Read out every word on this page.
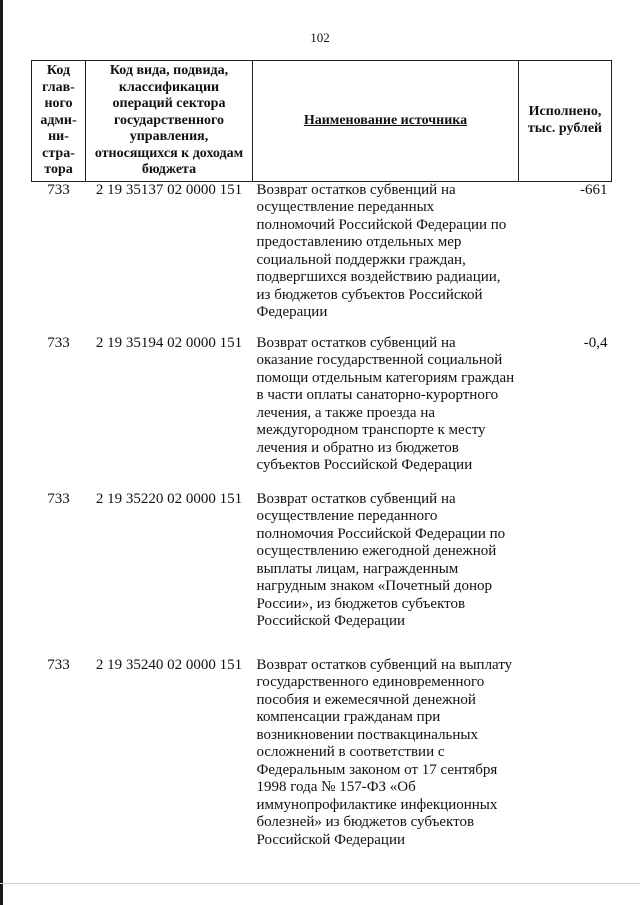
102
Код глав-ного адми-ни-стра-тора	Код вида, подвида, классификации операций сектора государственного управления, относящихся к доходам бюджета	Наименование источника	Исполнено, тыс. рублей
733	2 19 35137 02 0000 151	Возврат остатков субвенций на осуществление переданных полномочий Российской Федерации по предоставлению отдельных мер социальной поддержки граждан, подвергшихся воздействию радиации, из бюджетов субъектов Российской Федерации	-661
733	2 19 35194 02 0000 151	Возврат остатков субвенций на оказание государственной социальной помощи отдельным категориям граждан в части оплаты санаторно-курортного лечения, а также проезда на междугородном транспорте к месту лечения и обратно из бюджетов субъектов Российской Федерации	-0,4
733	2 19 35220 02 0000 151	Возврат остатков субвенций на осуществление переданного полномочия Российской Федерации по осуществлению ежегодной денежной выплаты лицам, награжденным нагрудным знаком «Почетный донор России», из бюджетов субъектов Российской Федерации	
733	2 19 35240 02 0000 151	Возврат остатков субвенций на выплату государственного единовременного пособия и ежемесячной денежной компенсации гражданам при возникновении поствакцинальных осложнений в соответствии с Федеральным законом от 17 сентября 1998 года № 157-ФЗ «Об иммунопрофилактике инфекционных болезней» из бюджетов субъектов Российской Федерации	
